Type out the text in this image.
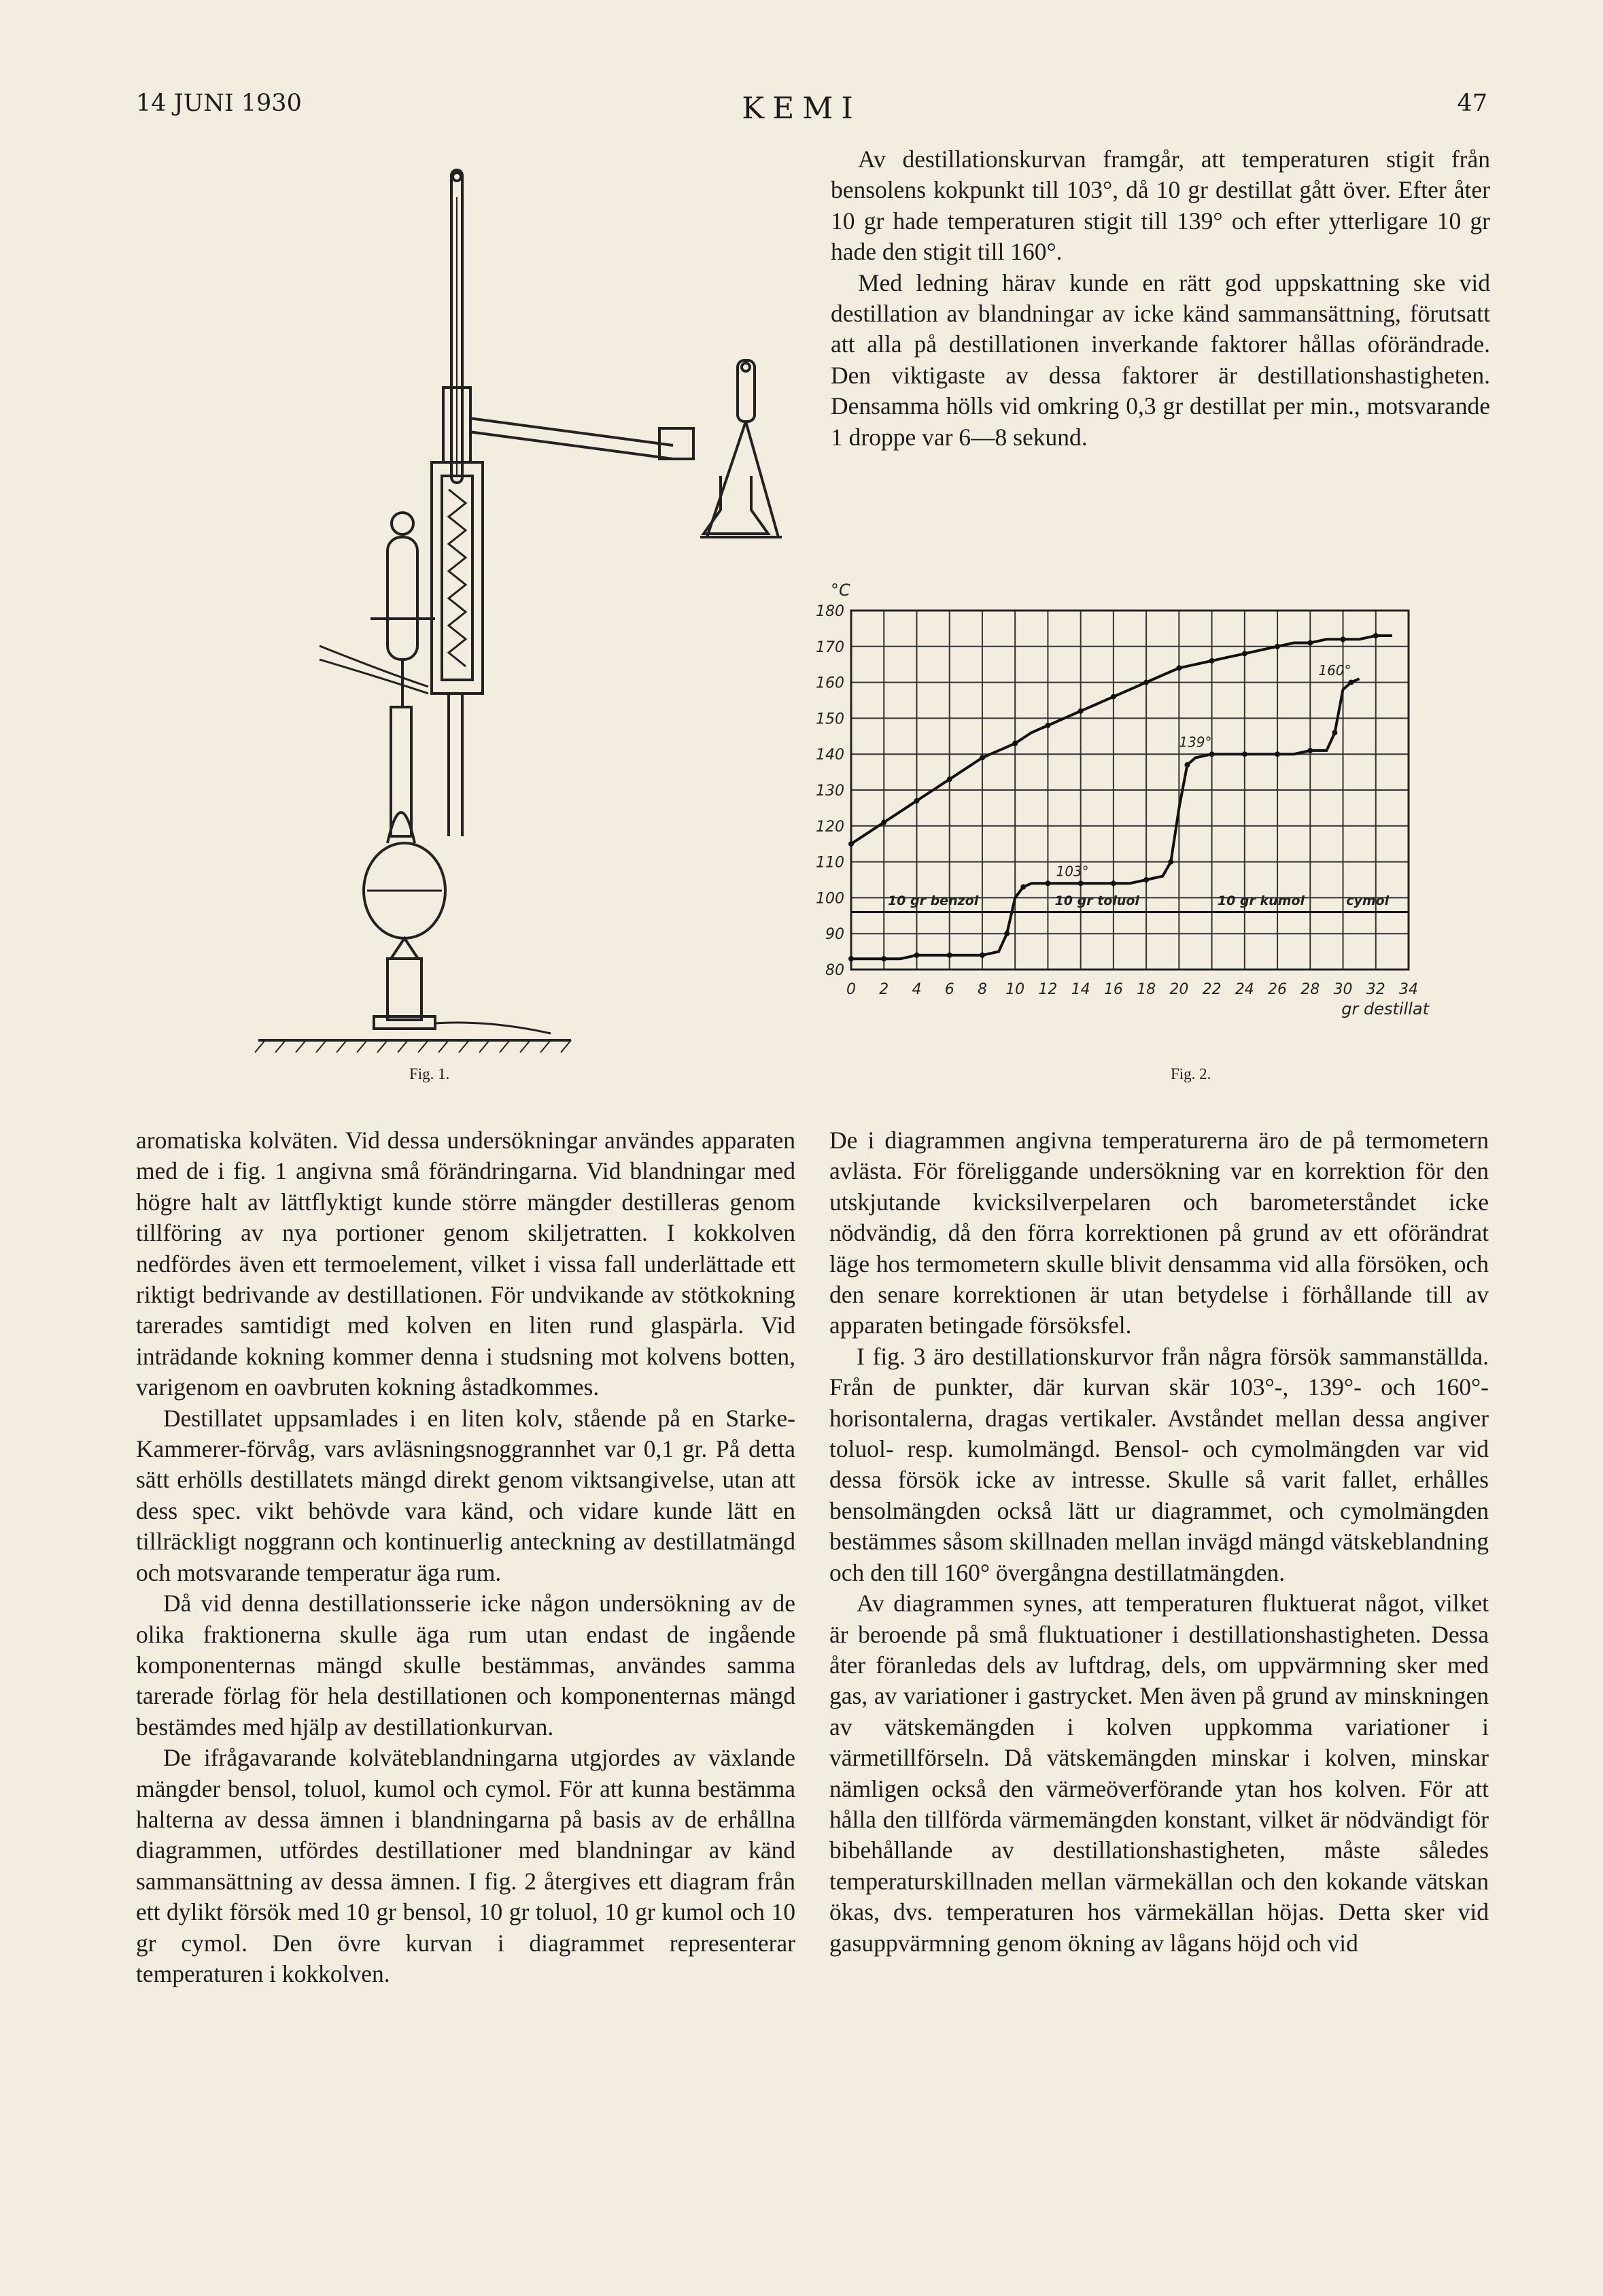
14 JUNI 1930	KEMI	47

Av destillationskurvan framgår, att temperaturen stigit från bensolens kokpunkt till 103°, då 10 gr destillat gått över. Efter åter 10 gr hade temperaturen stigit till 139° och efter ytterligare 10 gr hade den stigit till 160°.

Med ledning härav kunde en rätt god uppskattning ske vid destillation av blandningar av icke känd sammansättning, förutsatt att alla på destillationen inverkande faktorer hållas oförändrade. Den viktigaste av dessa faktorer är destillationshastigheten. Densamma hölls vid omkring 0,3 gr destillat per min., motsvarande 1 droppe var 6—8 sekund.

Fig. 1.
80
90
100
110
120
130
140
150
160
170
180
0 2 4 6 8 10 12 14 16 18 20 22 24 26 28 30 32 34
°C
gr destillat
103°
139°
160°
10 gr benzol	10 gr toluol	10 gr kumol	cymol
Fig. 2.

aromatiska kolväten. Vid dessa undersökningar användes apparaten med de i fig. 1 angivna små förändringarna. Vid blandningar med högre halt av lättflyktigt kunde större mängder destilleras genom tillföring av nya portioner genom skiljetratten. I kokkolven nedfördes även ett termoelement, vilket i vissa fall underlättade ett riktigt bedrivande av destillationen. För undvikande av stötkokning tarerades samtidigt med kolven en liten rund glaspärla. Vid inträdande kokning kommer denna i studsning mot kolvens botten, varigenom en oavbruten kokning åstadkommes.

Destillatet uppsamlades i en liten kolv, stående på en Starke-Kammerer-förvåg, vars avläsningsnoggrannhet var 0,1 gr. På detta sätt erhölls destillatets mängd direkt genom viktsangivelse, utan att dess spec. vikt behövde vara känd, och vidare kunde lätt en tillräckligt noggrann och kontinuerlig anteckning av destillatmängd och motsvarande temperatur äga rum.

Då vid denna destillationsserie icke någon undersökning av de olika fraktionerna skulle äga rum utan endast de ingående komponenternas mängd skulle bestämmas, användes samma tarerade förlag för hela destillationen och komponenternas mängd bestämdes med hjälp av destillationkurvan.

De ifrågavarande kolväteblandningarna utgjordes av växlande mängder bensol, toluol, kumol och cymol. För att kunna bestämma halterna av dessa ämnen i blandningarna på basis av de erhållna diagrammen, utfördes destillationer med blandningar av känd sammansättning av dessa ämnen. I fig. 2 återgives ett diagram från ett dylikt försök med 10 gr bensol, 10 gr toluol, 10 gr kumol och 10 gr cymol. Den övre kurvan i diagrammet representerar temperaturen i kokkolven.

De i diagrammen angivna temperaturerna äro de på termometern avlästa. För föreliggande undersökning var en korrektion för den utskjutande kvicksilverpelaren och barometerståndet icke nödvändig, då den förra korrektionen på grund av ett oförändrat läge hos termometern skulle blivit densamma vid alla försöken, och den senare korrektionen är utan betydelse i förhållande till av apparaten betingade försöksfel.

I fig. 3 äro destillationskurvor från några försök sammanställda. Från de punkter, där kurvan skär 103°-, 139°- och 160°-horisontalerna, dragas vertikaler. Avståndet mellan dessa angiver toluol- resp. kumolmängd. Bensol- och cymolmängden var vid dessa försök icke av intresse. Skulle så varit fallet, erhålles bensolmängden också lätt ur diagrammet, och cymolmängden bestämmes såsom skillnaden mellan invägd mängd vätskeblandning och den till 160° övergångna destillatmängden.

Av diagrammen synes, att temperaturen fluktuerat något, vilket är beroende på små fluktuationer i destillationshastigheten. Dessa åter föranledas dels av luftdrag, dels, om uppvärmning sker med gas, av variationer i gastrycket. Men även på grund av minskningen av vätskemängden i kolven uppkomma variationer i värmetillförseln. Då vätskemängden minskar i kolven, minskar nämligen också den värmeöverförande ytan hos kolven. För att hålla den tillförda värmemängden konstant, vilket är nödvändigt för bibehållande av destillationshastigheten, måste således temperaturskillnaden mellan värmekällan och den kokande vätskan ökas, dvs. temperaturen hos värmekällan höjas. Detta sker vid gasuppvärmning genom ökning av lågans höjd och vid
